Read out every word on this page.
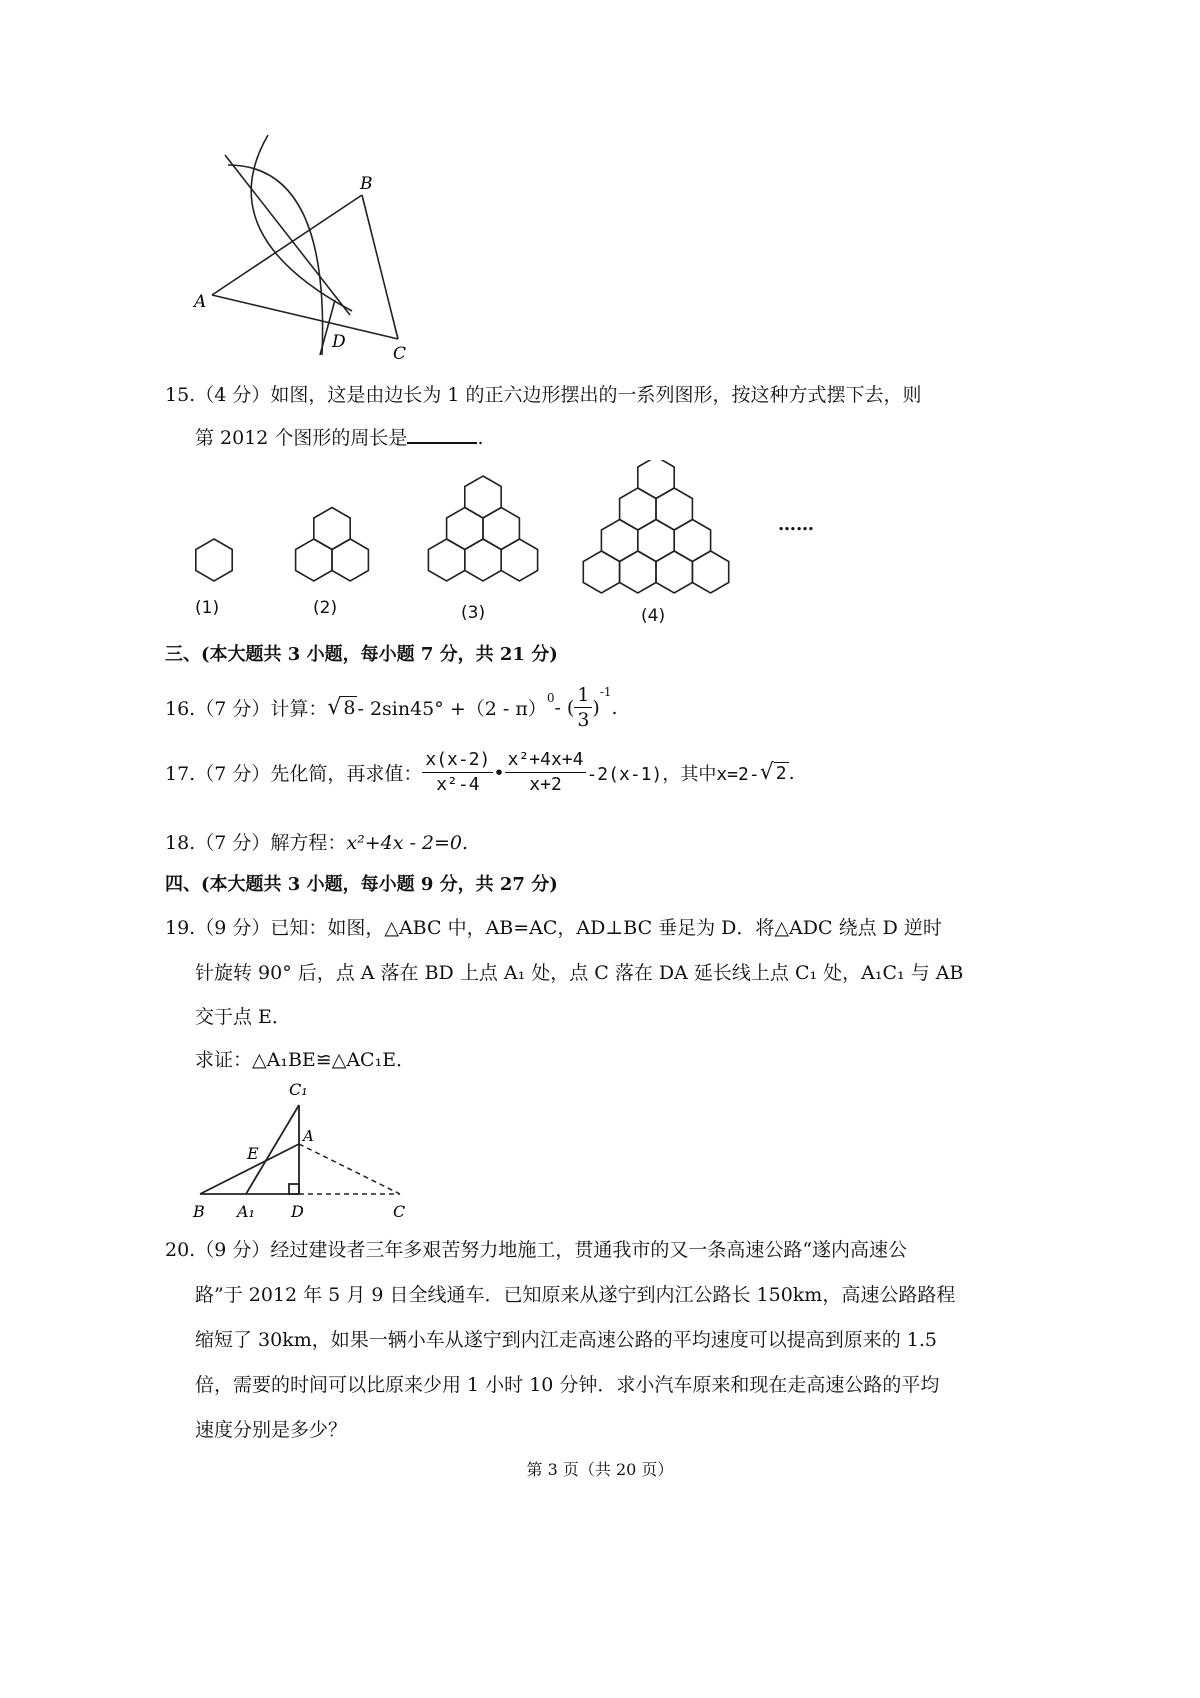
A
B
C
D
15.（4 分）如图，这是由边长为 1 的正六边形摆出的一系列图形，按这种方式摆下去，则
第 2012 个图形的周长是	.
(1)	(2)	(3)	(4)
……
三、(本大题共 3 小题，每小题 7 分，共 21 分)
16.（7 分）计算： √ 8 - 2sin45° +（2 - π）
$^0$ - ( $\frac{1}{3}$ )
$^{-1}$
.
17.（7 分）先化简，再求值： $\frac{x(x-2)}{\text{x²-4}}$ • $\frac{\text{x²+4x+4}}{x+2} -2(x-1)$，其中x=2- √ 2 .
18.（7 分）解方程：x²+4x - 2=0.
四、(本大题共 3 小题，每小题 9 分，共 27 分)
19.（9 分）已知：如图，△ABC 中，AB=AC，AD⊥BC 垂足为 D．将△ADC 绕点 D 逆时
针旋转 90° 后，点 A 落在 BD 上点 A₁ 处，点 C 落在 DA 延长线上点 C₁ 处，A₁C₁ 与 AB
交于点 E．
求证：△A₁BE≌△AC₁E．
C₁
A
E
B A₁ D	C
20.（9 分）经过建设者三年多艰苦努力地施工，贯通我市的又一条高速公路“遂内高速公
路”于 2012 年 5 月 9 日全线通车．已知原来从遂宁到内江公路长 150km，高速公路路程
缩短了 30km，如果一辆小车从遂宁到内江走高速公路的平均速度可以提高到原来的 1.5
倍，需要的时间可以比原来少用 1 小时 10 分钟．求小汽车原来和现在走高速公路的平均
速度分别是多少？
第 3 页（共 20 页）
